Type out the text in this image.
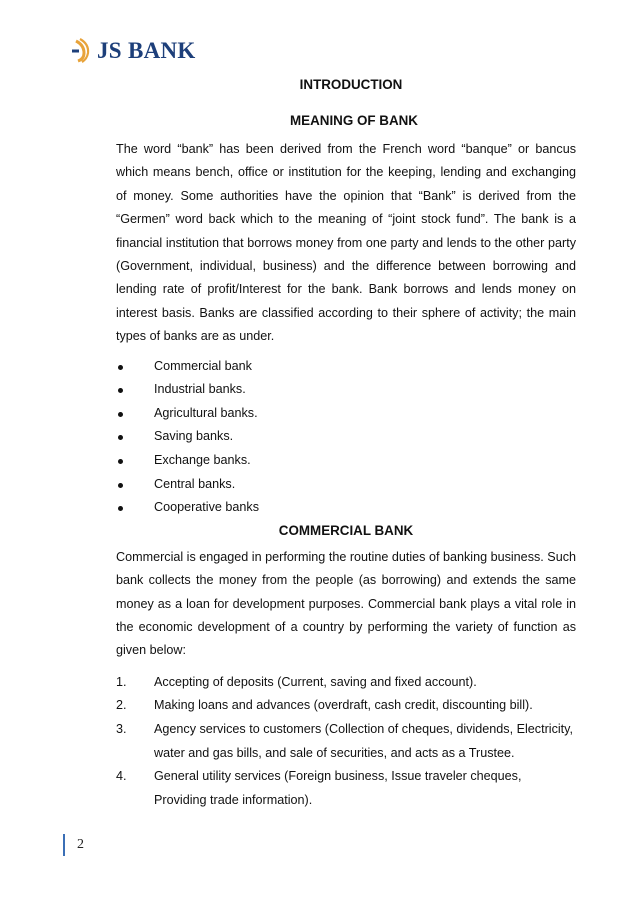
JS BANK
INTRODUCTION
MEANING OF BANK

The word “bank” has been derived from the French word “banque” or bancus which means bench, office or institution for the keeping, lending and exchanging of money. Some authorities have the opinion that “Bank” is derived from the “Germen” word back which to the meaning of “joint stock fund”. The bank is a financial institution that borrows money from one party and lends to the other party (Government, individual, business) and the difference between borrowing and lending rate of profit/Interest for the bank. Bank borrows and lends money on interest basis. Banks are classified according to their sphere of activity; the main types of banks are as under.

Commercial bank
Industrial banks.
Agricultural banks.
Saving banks.
Exchange banks.
Central banks.
Cooperative banks
COMMERCIAL BANK

Commercial is engaged in performing the routine duties of banking business. Such bank collects the money from the people (as borrowing) and extends the same money as a loan for development purposes. Commercial bank plays a vital role in the economic development of a country by performing the variety of function as given below:

1.	Accepting of deposits (Current, saving and fixed account).
2.	Making loans and advances (overdraft, cash credit, discounting bill).
3.	Agency services to customers (Collection of cheques, dividends, Electricity, water and gas bills, and sale of securities, and acts as a Trustee.
4.	General utility services (Foreign business, Issue traveler cheques, Providing trade information).
2
